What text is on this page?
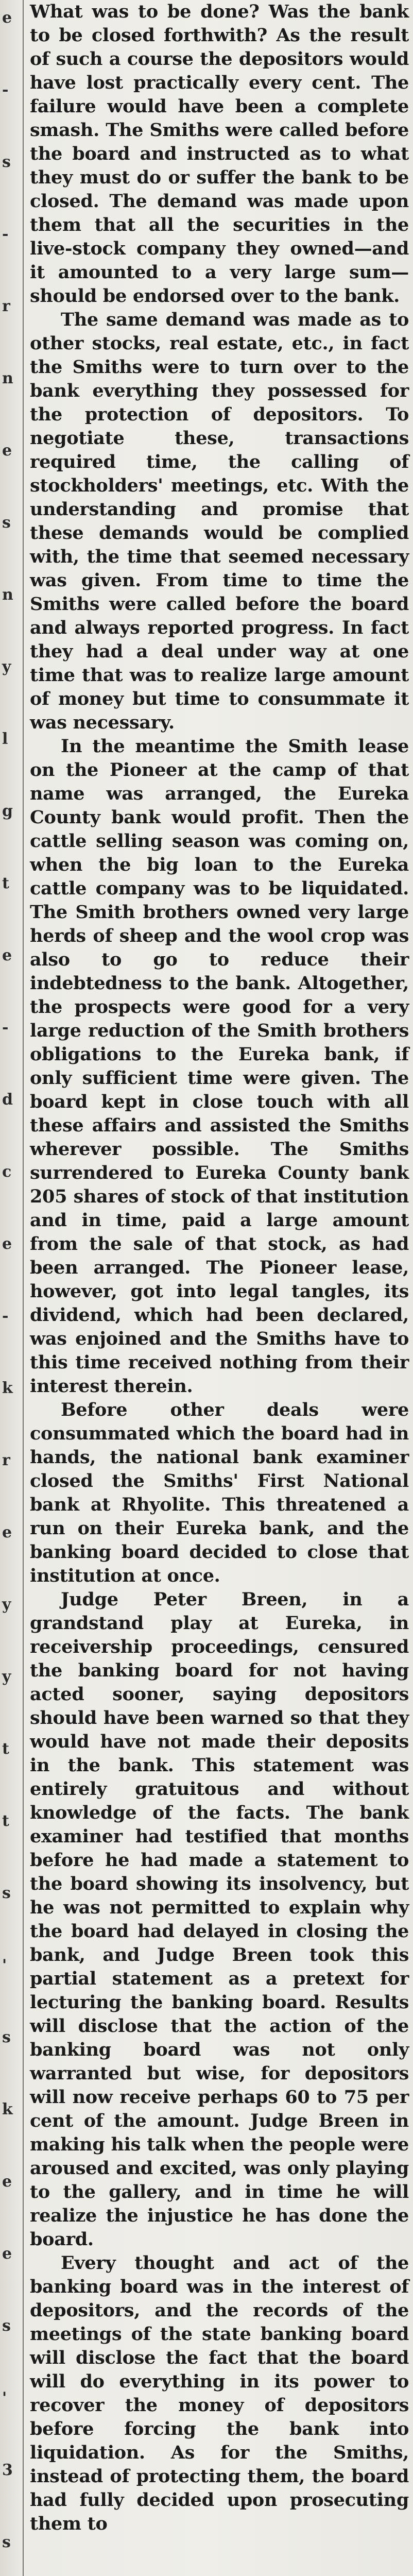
e
-
s
-
r
n
e
s
n
y
l
g
t
e
-
d
c
e
-
k
r
e
y
y
t
t
s
'
s
k
e
e
s
'
3
s

What was to be done? Was the bank to be closed forthwith? As the result of such a course the depositors would have lost practically every cent. The failure would have been a complete smash. The Smiths were called before the board and instructed as to what they must do or suffer the bank to be closed. The demand was made upon them that all the securities in the live-stock company they owned—and it amounted to a very large sum—should be endorsed over to the bank.

The same demand was made as to other stocks, real estate, etc., in fact the Smiths were to turn over to the bank everything they possessed for the protection of depositors. To negotiate these, transactions required time, the calling of stockholders' meetings, etc. With the understanding and promise that these demands would be complied with, the time that seemed necessary was given. From time to time the Smiths were called before the board and always reported progress. In fact they had a deal under way at one time that was to realize large amount of money but time to consummate it was necessary.

In the meantime the Smith lease on the Pioneer at the camp of that name was arranged, the Eureka County bank would profit. Then the cattle selling season was coming on, when the big loan to the Eureka cattle company was to be liquidated. The Smith brothers owned very large herds of sheep and the wool crop was also to go to reduce their indebtedness to the bank. Altogether, the prospects were good for a very large reduction of the Smith brothers obligations to the Eureka bank, if only sufficient time were given. The board kept in close touch with all these affairs and assisted the Smiths wherever possible. The Smiths surrendered to Eureka County bank 205 shares of stock of that institution and in time, paid a large amount from the sale of that stock, as had been arranged. The Pioneer lease, however, got into legal tangles, its dividend, which had been declared, was enjoined and the Smiths have to this time received nothing from their interest therein.

Before other deals were consummated which the board had in hands, the national bank examiner closed the Smiths' First National bank at Rhyolite. This threatened a run on their Eureka bank, and the banking board decided to close that institution at once.

Judge Peter Breen, in a grandstand play at Eureka, in receivership proceedings, censured the banking board for not having acted sooner, saying depositors should have been warned so that they would have not made their deposits in the bank. This statement was entirely gratuitous and without knowledge of the facts. The bank examiner had testified that months before he had made a statement to the board showing its insolvency, but he was not permitted to explain why the board had delayed in closing the bank, and Judge Breen took this partial statement as a pretext for lecturing the banking board. Results will disclose that the action of the banking board was not only warranted but wise, for depositors will now receive perhaps 60 to 75 per cent of the amount. Judge Breen in making his talk when the people were aroused and excited, was only playing to the gallery, and in time he will realize the injustice he has done the board.

Every thought and act of the banking board was in the interest of depositors, and the records of the meetings of the state banking board will disclose the fact that the board will do everything in its power to recover the money of depositors before forcing the bank into liquidation. As for the Smiths, instead of protecting them, the board had fully decided upon prosecuting them to
